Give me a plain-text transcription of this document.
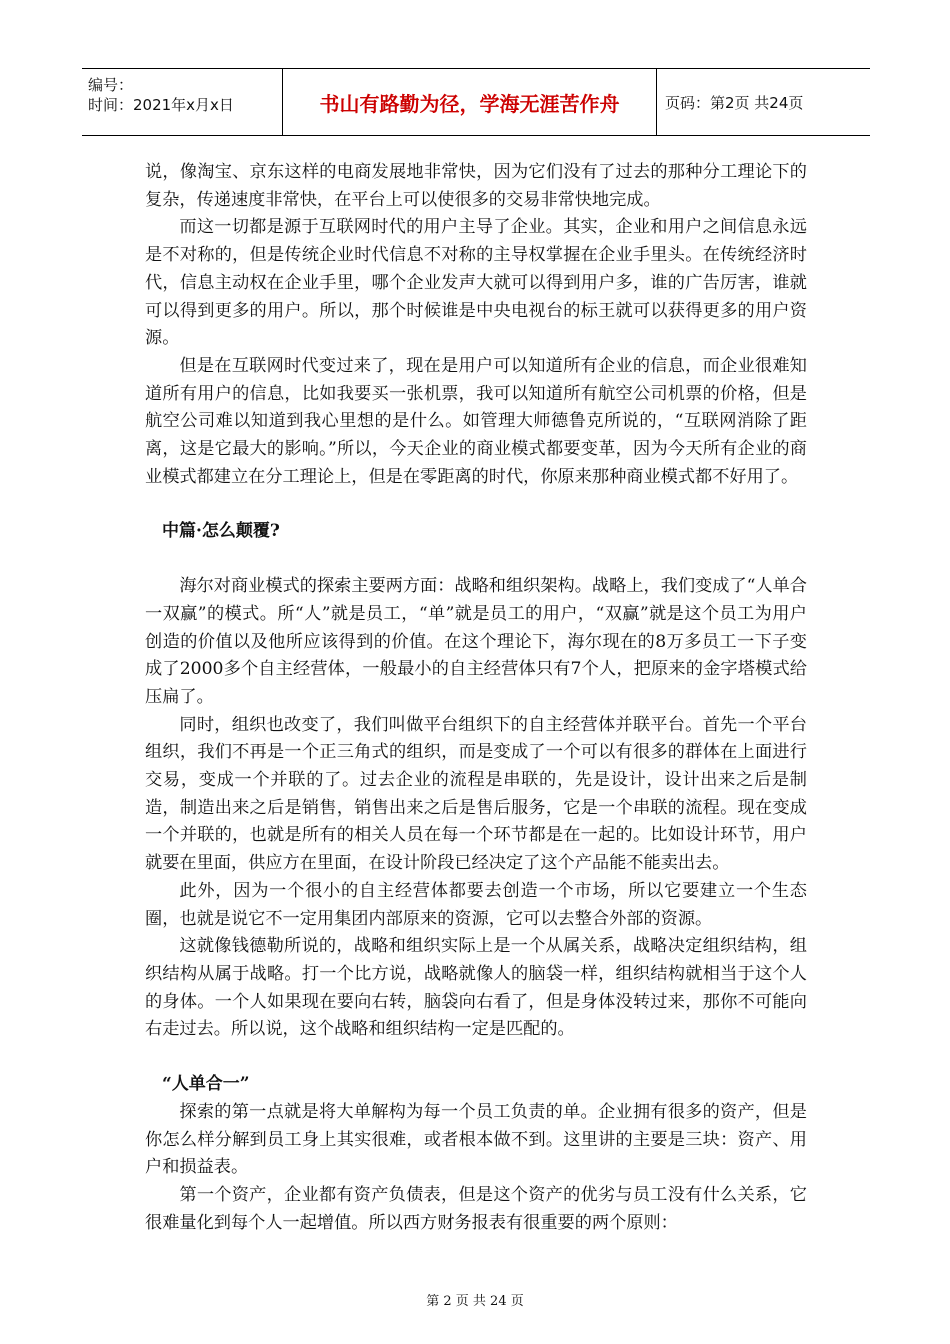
编号：
时间：2021年x月x日	书山有路勤为径，学海无涯苦作舟	页码：第2页 共24页

说，像淘宝、京东这样的电商发展地非常快，因为它们没有了过去的那种分工理论下的复杂，传递速度非常快，在平台上可以使很多的交易非常快地完成。

而这一切都是源于互联网时代的用户主导了企业。其实，企业和用户之间信息永远是不对称的，但是传统企业时代信息不对称的主导权掌握在企业手里头。在传统经济时代，信息主动权在企业手里，哪个企业发声大就可以得到用户多，谁的广告厉害，谁就可以得到更多的用户。所以，那个时候谁是中央电视台的标王就可以获得更多的用户资源。

但是在互联网时代变过来了，现在是用户可以知道所有企业的信息，而企业很难知道所有用户的信息，比如我要买一张机票，我可以知道所有航空公司机票的价格，但是航空公司难以知道到我心里想的是什么。如管理大师德鲁克所说的，“互联网消除了距离，这是它最大的影响。”所以，今天企业的商业模式都要变革，因为今天所有企业的商业模式都建立在分工理论上，但是在零距离的时代，你原来那种商业模式都不好用了。

中篇·怎么颠覆?

海尔对商业模式的探索主要两方面：战略和组织架构。战略上，我们变成了“人单合一双赢”的模式。所“人”就是员工，“单”就是员工的用户，“双赢”就是这个员工为用户创造的价值以及他所应该得到的价值。在这个理论下，海尔现在的8万多员工一下子变成了2000多个自主经营体，一般最小的自主经营体只有7个人，把原来的金字塔模式给压扁了。

同时，组织也改变了，我们叫做平台组织下的自主经营体并联平台。首先一个平台组织，我们不再是一个正三角式的组织，而是变成了一个可以有很多的群体在上面进行交易，变成一个并联的了。过去企业的流程是串联的，先是设计，设计出来之后是制造，制造出来之后是销售，销售出来之后是售后服务，它是一个串联的流程。现在变成一个并联的，也就是所有的相关人员在每一个环节都是在一起的。比如设计环节，用户就要在里面，供应方在里面，在设计阶段已经决定了这个产品能不能卖出去。

此外，因为一个很小的自主经营体都要去创造一个市场，所以它要建立一个生态圈，也就是说它不一定用集团内部原来的资源，它可以去整合外部的资源。

这就像钱德勒所说的，战略和组织实际上是一个从属关系，战略决定组织结构，组织结构从属于战略。打一个比方说，战略就像人的脑袋一样，组织结构就相当于这个人的身体。一个人如果现在要向右转，脑袋向右看了，但是身体没转过来，那你不可能向右走过去。所以说，这个战略和组织结构一定是匹配的。

“人单合一”

探索的第一点就是将大单解构为每一个员工负责的单。企业拥有很多的资产，但是你怎么样分解到员工身上其实很难，或者根本做不到。这里讲的主要是三块：资产、用户和损益表。

第一个资产，企业都有资产负债表，但是这个资产的优劣与员工没有什么关系，它很难量化到每个人一起增值。所以西方财务报表有很重要的两个原则：

第 2 页 共 24 页
